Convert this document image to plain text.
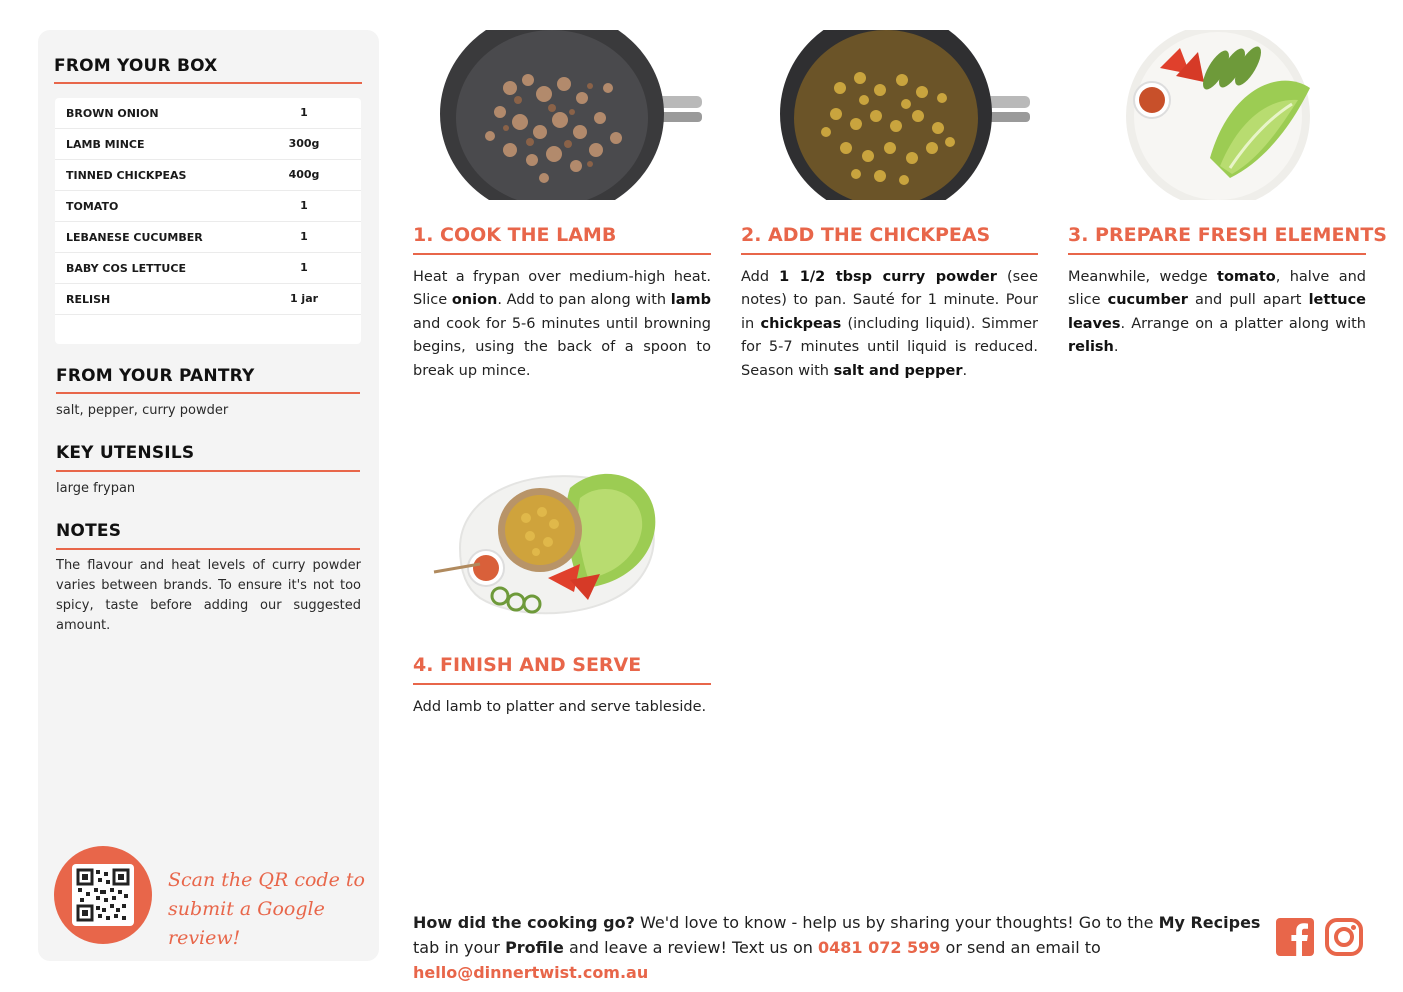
FROM YOUR BOX
BROWN ONION	1
LAMB MINCE	300g
TINNED CHICKPEAS	400g
TOMATO	1
LEBANESE CUCUMBER	1
BABY COS LETTUCE	1
RELISH	1 jar
FROM YOUR PANTRY
salt, pepper, curry powder
KEY UTENSILS
large frypan
NOTES
The flavour and heat levels of curry powder varies between brands. To ensure it's not too spicy, taste before adding our suggested amount.
Scan the QR code to
submit a Google review!
1. COOK THE LAMB
Heat a frypan over medium-high heat. Slice onion. Add to pan along with lamb and cook for 5-6 minutes until browning begins, using the back of a spoon to break up mince.
2. ADD THE CHICKPEAS
Add 1 1/2 tbsp curry powder (see notes) to pan. Sauté for 1 minute. Pour in chickpeas (including liquid). Simmer for 5-7 minutes until liquid is reduced. Season with salt and pepper.
3. PREPARE FRESH ELEMENTS
Meanwhile, wedge tomato, halve and slice cucumber and pull apart lettuce leaves. Arrange on a platter along with relish.
4. FINISH AND SERVE
Add lamb to platter and serve tableside.
How did the cooking go? We'd love to know - help us by sharing your thoughts! Go to the My Recipes tab in your Profile and leave a review! Text us on 0481 072 599 or send an email to hello@dinnertwist.com.au
